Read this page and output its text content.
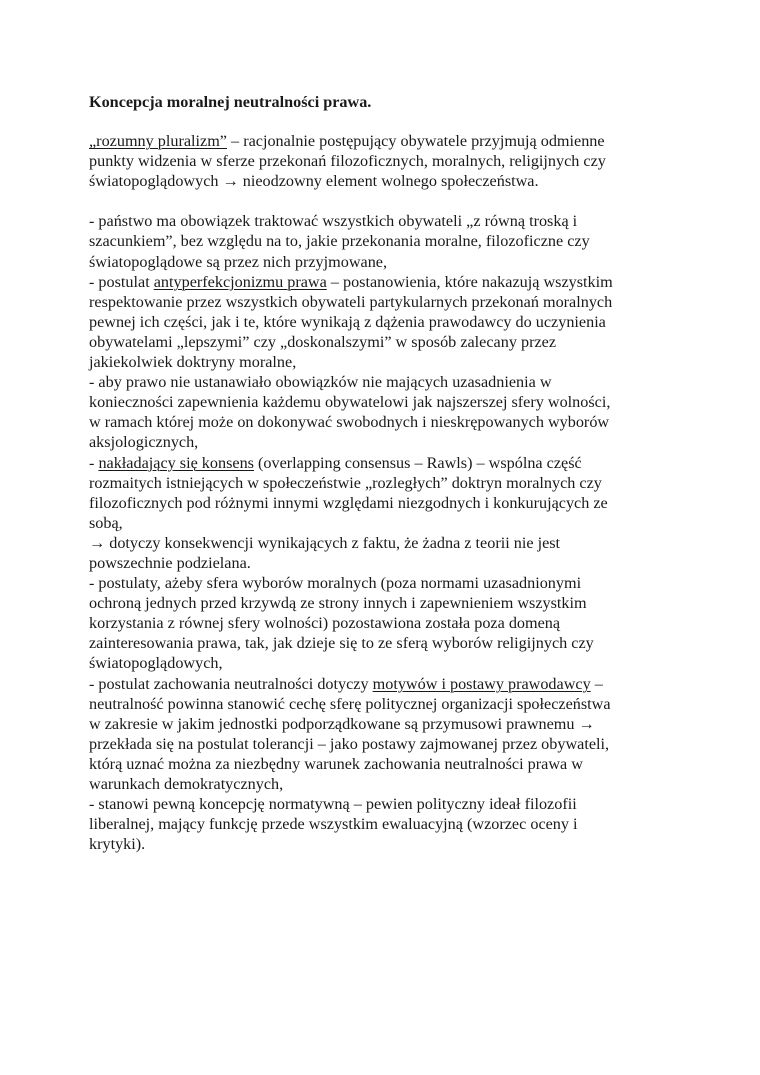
Koncepcja moralnej neutralności prawa.

„rozumny pluralizm” – racjonalnie postępujący obywatele przyjmują odmienne
punkty widzenia w sferze przekonań filozoficznych, moralnych, religijnych czy
światopoglądowych → nieodzowny element wolnego społeczeństwa.
- państwo ma obowiązek traktować wszystkich obywateli „z równą troską i
szacunkiem”, bez względu na to, jakie przekonania moralne, filozoficzne czy
światopoglądowe są przez nich przyjmowane,
- postulat antyperfekcjonizmu prawa – postanowienia, które nakazują wszystkim
respektowanie przez wszystkich obywateli partykularnych przekonań moralnych
pewnej ich części, jak i te, które wynikają z dążenia prawodawcy do uczynienia
obywatelami „lepszymi” czy „doskonalszymi” w sposób zalecany przez
jakiekolwiek doktryny moralne,
- aby prawo nie ustanawiało obowiązków nie mających uzasadnienia w
konieczności zapewnienia każdemu obywatelowi jak najszerszej sfery wolności,
w ramach której może on dokonywać swobodnych i nieskrępowanych wyborów
aksjologicznych,
- nakładający się konsens (overlapping consensus – Rawls) – wspólna część
rozmaitych istniejących w społeczeństwie „rozległych” doktryn moralnych czy
filozoficznych pod różnymi innymi względami niezgodnych i konkurujących ze
sobą,
→ dotyczy konsekwencji wynikających z faktu, że żadna z teorii nie jest
powszechnie podzielana.
- postulaty, ażeby sfera wyborów moralnych (poza normami uzasadnionymi
ochroną jednych przed krzywdą ze strony innych i zapewnieniem wszystkim
korzystania z równej sfery wolności) pozostawiona została poza domeną
zainteresowania prawa, tak, jak dzieje się to ze sferą wyborów religijnych czy
światopoglądowych,
- postulat zachowania neutralności dotyczy motywów i postawy prawodawcy –
neutralność powinna stanowić cechę sferę politycznej organizacji społeczeństwa
w zakresie w jakim jednostki podporządkowane są przymusowi prawnemu →
przekłada się na postulat tolerancji – jako postawy zajmowanej przez obywateli,
którą uznać można za niezbędny warunek zachowania neutralności prawa w
warunkach demokratycznych,
- stanowi pewną koncepcję normatywną – pewien polityczny ideał filozofii
liberalnej, mający funkcję przede wszystkim ewaluacyjną (wzorzec oceny i
krytyki).
